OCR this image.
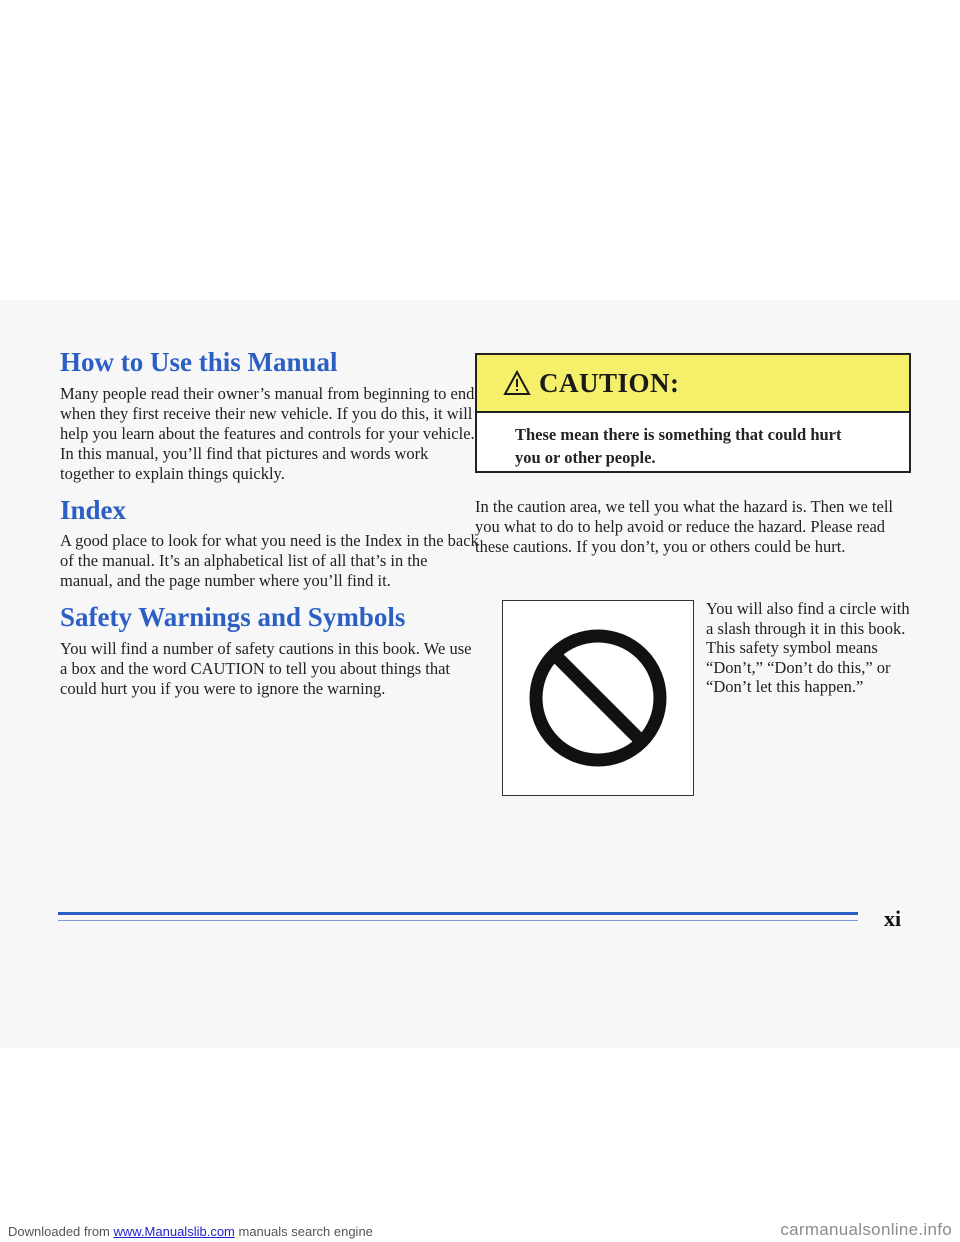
How to Use this Manual

Many people read their owner’s manual from beginning to end when they first receive their new vehicle. If you do this, it will help you learn about the features and controls for your vehicle. In this manual, you’ll find that pictures and words work together to explain things quickly.

Index

A good place to look for what you need is the Index in the back of the manual. It’s an alphabetical list of all that’s in the manual, and the page number where you’ll find it.

Safety Warnings and Symbols

You will find a number of safety cautions in this book. We use a box and the word CAUTION to tell you about things that could hurt you if you were to ignore the warning.

CAUTION:
These mean there is something that could hurt you or other people.

In the caution area, we tell you what the hazard is. Then we tell you what to do to help avoid or reduce the hazard. Please read these cautions. If you don’t, you or others could be hurt.

You will also find a circle with a slash through it in this book. This safety symbol means “Don’t,” “Don’t do this,” or “Don’t let this happen.”
xi
Downloaded from www.Manualslib.com manuals search engine	carmanualsonline.info
